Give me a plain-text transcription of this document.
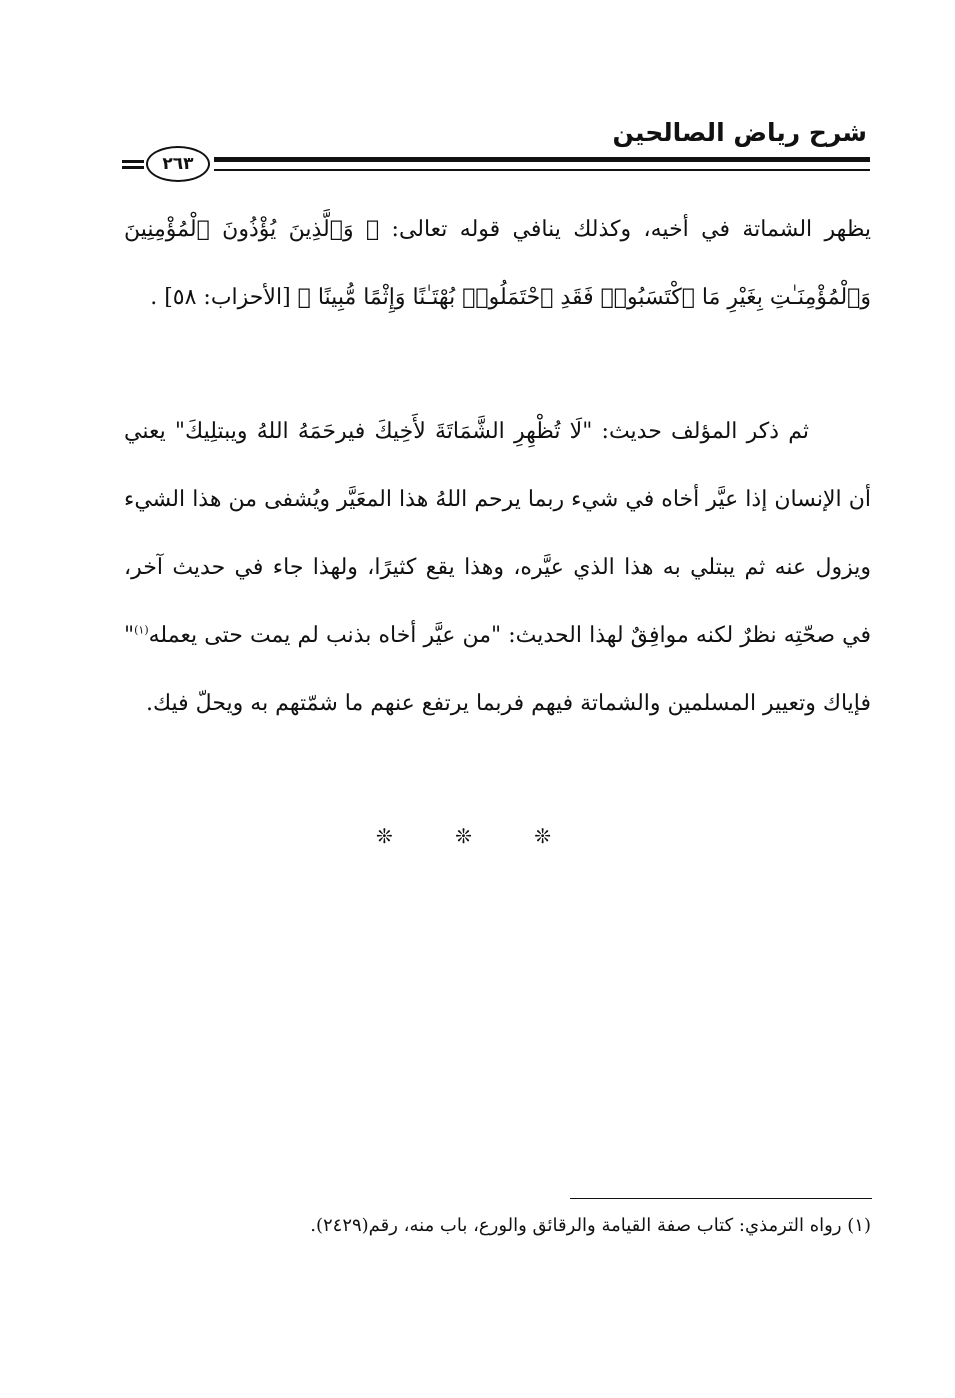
شرح رياض الصالحين
٢٦٣

يظهر الشماتة في أخيه، وكذلك ينافي قوله تعالى: ﴿ وَٱلَّذِينَ يُؤْذُونَ ٱلْمُؤْمِنِينَ وَٱلْمُؤْمِنَـٰتِ بِغَيْرِ مَا ٱكْتَسَبُوا۟ فَقَدِ ٱحْتَمَلُوا۟ بُهْتَـٰنًا وَإِثْمًا مُّبِينًا ﴾ [الأحزاب: ٥٨] .

ثم ذكر المؤلف حديث: "لَا تُظْهِرِ الشَّمَاتَةَ لأَخِيكَ فيرحَمَهُ اللهُ ويبتلِيكَ" يعني أن الإنسان إذا عيَّر أخاه في شيء ربما يرحم اللهُ هذا المعَيَّر ويُشفى من هذا الشيء ويزول عنه ثم يبتلي به هذا الذي عيَّره، وهذا يقع كثيرًا، ولهذا جاء في حديث آخر، في صحّتِه نظرٌ لكنه موافِقٌ لهذا الحديث: "من عيَّر أخاه بذنب لم يمت حتى يعمله$^{(١)}$" فإياك وتعيير المسلمين والشماتة فيهم فربما يرتفع عنهم ما شمّتهم به ويحلّ فيك.

❊ ❊ ❊
(١) رواه الترمذي: كتاب صفة القيامة والرقائق والورع، باب منه، رقم(٢٤٢٩).
